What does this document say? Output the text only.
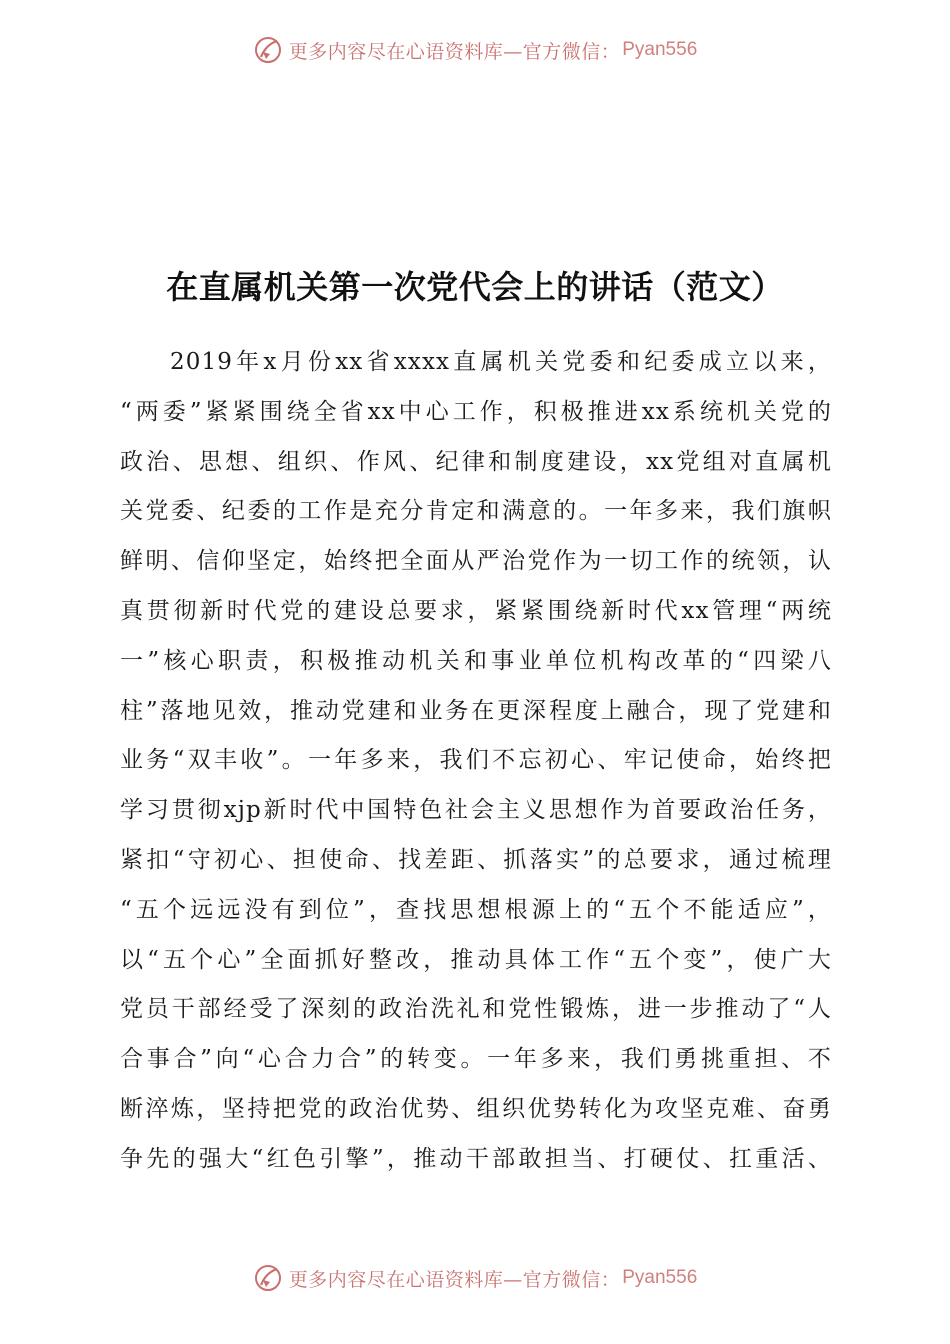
更多内容尽在心语资料库—官方微信： Pyan556
在直属机关第一次党代会上的讲话（范文）
2019年x月份xx省xxxx直属机关党委和纪委成立以来，
“两委”紧紧围绕全省xx中心工作，积极推进xx系统机关党的
政治、思想、组织、作风、纪律和制度建设，xx党组对直属机
关党委、纪委的工作是充分肯定和满意的。一年多来，我们旗帜
鲜明、信仰坚定，始终把全面从严治党作为一切工作的统领，认
真贯彻新时代党的建设总要求，紧紧围绕新时代xx管理“两统
一”核心职责，积极推动机关和事业单位机构改革的“四梁八
柱”落地见效，推动党建和业务在更深程度上融合，现了党建和
业务“双丰收”。一年多来，我们不忘初心、牢记使命，始终把
学习贯彻xjp新时代中国特色社会主义思想作为首要政治任务，
紧扣“守初心、担使命、找差距、抓落实”的总要求，通过梳理
“五个远远没有到位”，查找思想根源上的“五个不能适应”，
以“五个心”全面抓好整改，推动具体工作“五个变”，使广大
党员干部经受了深刻的政治洗礼和党性锻炼，进一步推动了“人
合事合”向“心合力合”的转变。一年多来，我们勇挑重担、不
断淬炼，坚持把党的政治优势、组织优势转化为攻坚克难、奋勇
争先的强大“红色引擎”，推动干部敢担当、打硬仗、扛重活、
更多内容尽在心语资料库—官方微信： Pyan556
